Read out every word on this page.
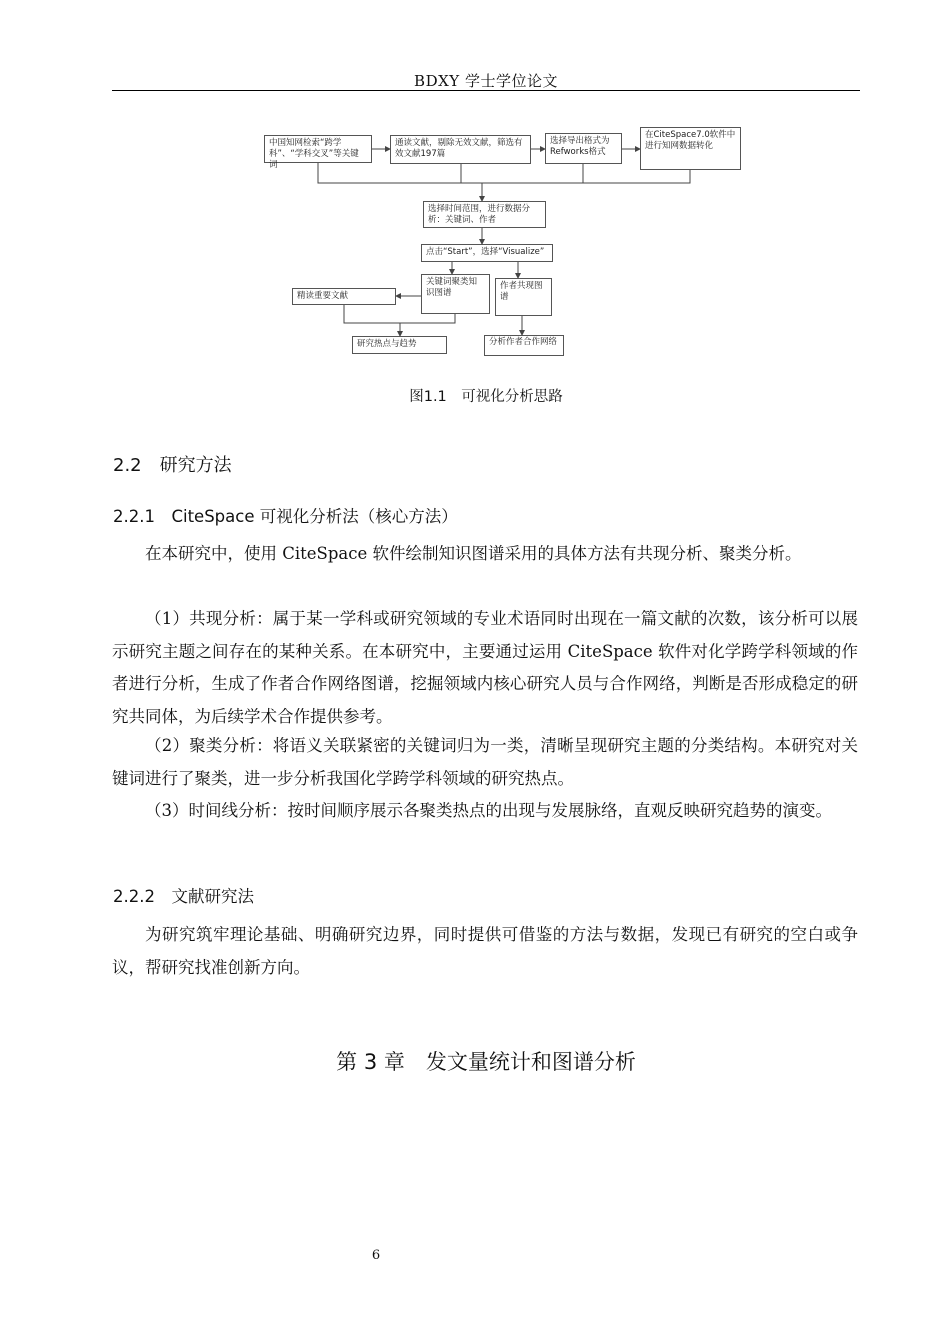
BDXY 学士学位论文
中国知网检索“跨学科”、“学科交叉”等关键词
通读文献，剔除无效文献，筛选有效文献197篇
选择导出格式为Refworks格式
在CiteSpace7.0软件中进行知网数据转化
选择时间范围，进行数据分析：关键词、作者
点击“Start”，选择“Visualize”
关键词聚类知识图谱
作者共现图谱
精读重要文献
研究热点与趋势	分析作者合作网络
图1.1　可视化分析思路
2.2　研究方法
2.2.1　CiteSpace 可视化分析法（核心方法）

在本研究中，使用 CiteSpace 软件绘制知识图谱采用的具体方法有共现分析、聚类分析。

（1）共现分析：属于某一学科或研究领域的专业术语同时出现在一篇文献的次数，该分析可以展示研究主题之间存在的某种关系。在本研究中，主要通过运用 CiteSpace 软件对化学跨学科领域的作者进行分析，生成了作者合作网络图谱，挖掘领域内核心研究人员与合作网络，判断是否形成稳定的研究共同体，为后续学术合作提供参考。

（2）聚类分析：将语义关联紧密的关键词归为一类，清晰呈现研究主题的分类结构。本研究对关键词进行了聚类，进一步分析我国化学跨学科领域的研究热点。

（3）时间线分析：按时间顺序展示各聚类热点的出现与发展脉络，直观反映研究趋势的演变。

2.2.2　文献研究法

为研究筑牢理论基础、明确研究边界，同时提供可借鉴的方法与数据，发现已有研究的空白或争议，帮研究找准创新方向。

第 3 章　发文量统计和图谱分析
6
